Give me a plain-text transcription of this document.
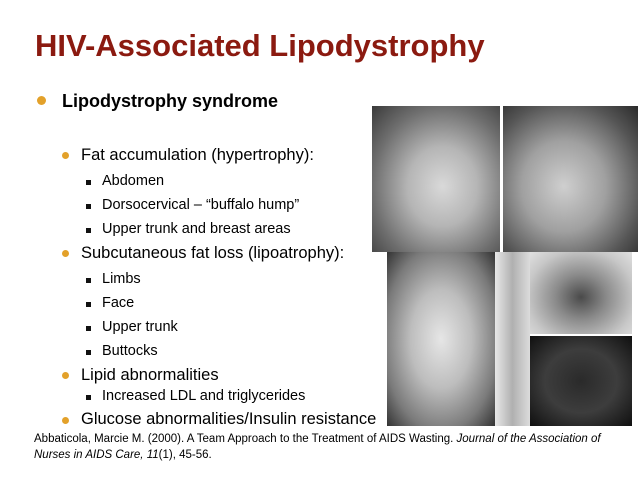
HIV-Associated Lipodystrophy
Lipodystrophy syndrome
Fat accumulation (hypertrophy):
Abdomen
Dorsocervical – “buffalo hump”
Upper trunk and breast areas
Subcutaneous fat loss (lipoatrophy):
Limbs
Face
Upper trunk
Buttocks
Lipid abnormalities
Increased LDL and triglycerides
Glucose abnormalities/Insulin resistance
Abbaticola, Marcie M. (2000). A Team Approach to the Treatment of AIDS Wasting. Journal of the Association of Nurses in AIDS Care, 11(1), 45-56.
